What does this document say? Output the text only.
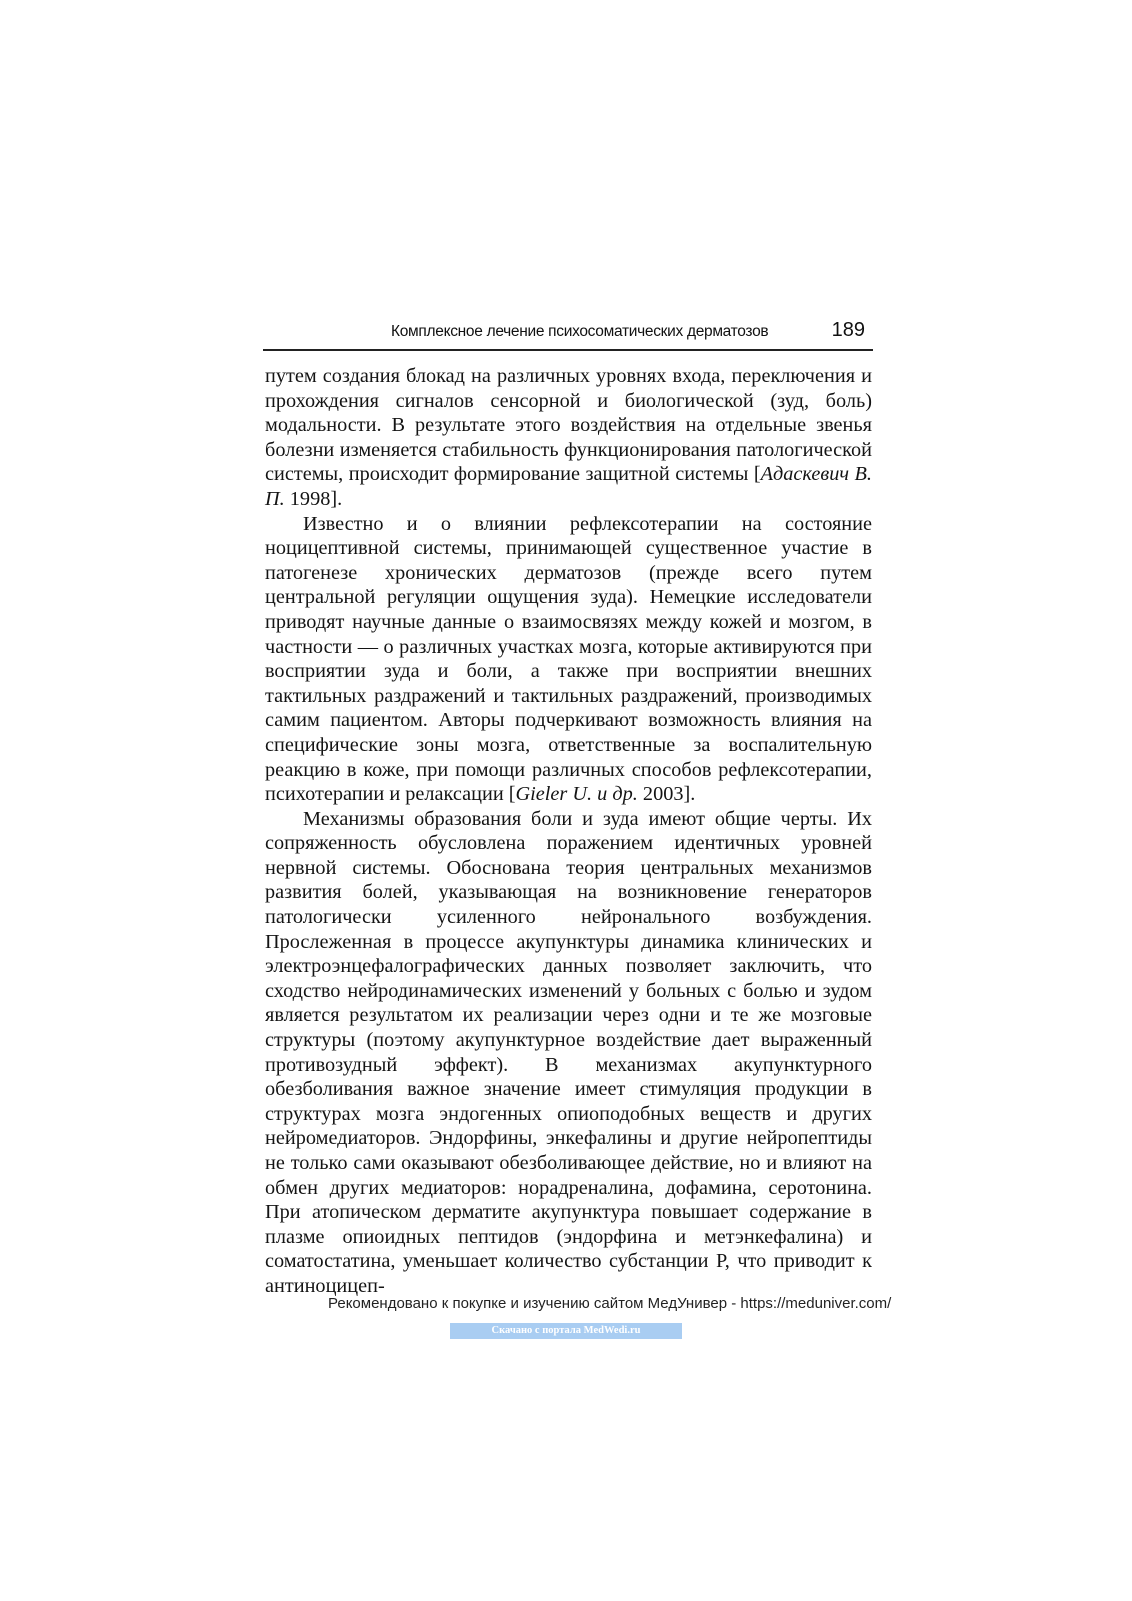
Комплексное лечение психосоматических дерматозов	189

путем создания блокад на различных уровнях входа, переключения и прохождения сигналов сенсорной и биологической (зуд, боль) модальности. В результате этого воздействия на отдельные звенья болезни изменяется стабильность функционирования патологической системы, происходит формирование защитной системы [Адаскевич В. П. 1998].

Известно и о влиянии рефлексотерапии на состояние ноцицептивной системы, принимающей существенное участие в патогенезе хронических дерматозов (прежде всего путем центральной регуляции ощущения зуда). Немецкие исследователи приводят научные данные о взаимосвязях между кожей и мозгом, в частности — о различных участках мозга, которые активируются при восприятии зуда и боли, а также при восприятии внешних тактильных раздражений и тактильных раздражений, производимых самим пациентом. Авторы подчеркивают возможность влияния на специфические зоны мозга, ответственные за воспалительную реакцию в коже, при помощи различных способов рефлексотерапии, психотерапии и релаксации [Gieler U. и др. 2003].

Механизмы образования боли и зуда имеют общие черты. Их сопряженность обусловлена поражением идентичных уровней нервной системы. Обоснована теория центральных механизмов развития болей, указывающая на возникновение генераторов патологически усиленного нейронального возбуждения. Прослеженная в процессе акупунктуры динамика клинических и электроэнцефалографических данных позволяет заключить, что сходство нейродинамических изменений у больных с болью и зудом является результатом их реализации через одни и те же мозговые структуры (поэтому акупунктурное воздействие дает выраженный противозудный эффект). В механизмах акупунктурного обезболивания важное значение имеет стимуляция продукции в структурах мозга эндогенных опиоподобных веществ и других нейромедиаторов. Эндорфины, энкефалины и другие нейропептиды не только сами оказывают обезболивающее действие, но и влияют на обмен других медиаторов: норадреналина, дофамина, серотонина. При атопическом дерматите акупунктура повышает содержание в плазме опиоидных пептидов (эндорфина и метэнкефалина) и соматостатина, уменьшает количество субстанции Р, что приводит к антиноцицеп-

Рекомендовано к покупке и изучению сайтом МедУнивер - https://meduniver.com/
Скачано с портала MedWedi.ru
